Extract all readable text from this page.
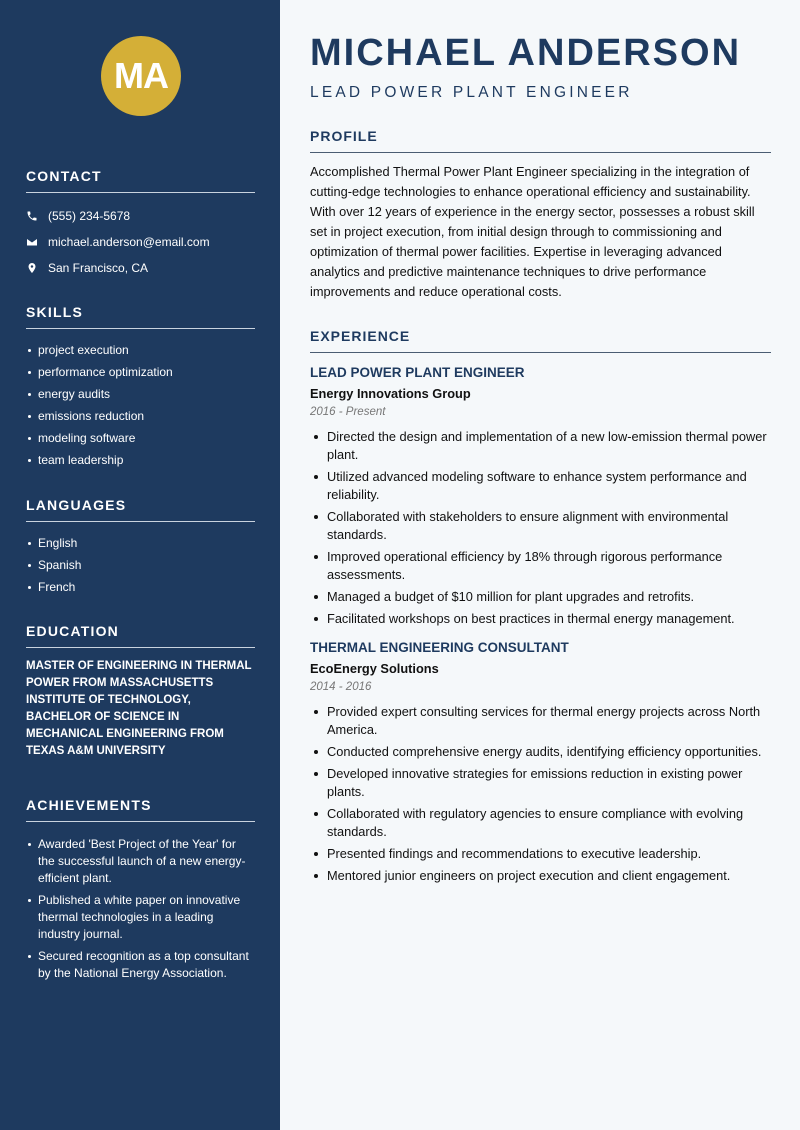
MA
CONTACT
(555) 234-5678
michael.anderson@email.com
San Francisco, CA
SKILLS
project execution
performance optimization
energy audits
emissions reduction
modeling software
team leadership
LANGUAGES
English
Spanish
French
EDUCATION
MASTER OF ENGINEERING IN THERMAL POWER FROM MASSACHUSETTS INSTITUTE OF TECHNOLOGY, BACHELOR OF SCIENCE IN MECHANICAL ENGINEERING FROM TEXAS A&M UNIVERSITY
ACHIEVEMENTS
Awarded 'Best Project of the Year' for the successful launch of a new energy-efficient plant.
Published a white paper on innovative thermal technologies in a leading industry journal.
Secured recognition as a top consultant by the National Energy Association.
MICHAEL ANDERSON
LEAD POWER PLANT ENGINEER
PROFILE

Accomplished Thermal Power Plant Engineer specializing in the integration of cutting-edge technologies to enhance operational efficiency and sustainability. With over 12 years of experience in the energy sector, possesses a robust skill set in project execution, from initial design through to commissioning and optimization of thermal power facilities. Expertise in leveraging advanced analytics and predictive maintenance techniques to drive performance improvements and reduce operational costs.

EXPERIENCE
LEAD POWER PLANT ENGINEER
Energy Innovations Group
2016 - Present
Directed the design and implementation of a new low-emission thermal power plant.
Utilized advanced modeling software to enhance system performance and reliability.
Collaborated with stakeholders to ensure alignment with environmental standards.
Improved operational efficiency by 18% through rigorous performance assessments.
Managed a budget of $10 million for plant upgrades and retrofits.
Facilitated workshops on best practices in thermal energy management.
THERMAL ENGINEERING CONSULTANT
EcoEnergy Solutions
2014 - 2016
Provided expert consulting services for thermal energy projects across North America.
Conducted comprehensive energy audits, identifying efficiency opportunities.
Developed innovative strategies for emissions reduction in existing power plants.
Collaborated with regulatory agencies to ensure compliance with evolving standards.
Presented findings and recommendations to executive leadership.
Mentored junior engineers on project execution and client engagement.
